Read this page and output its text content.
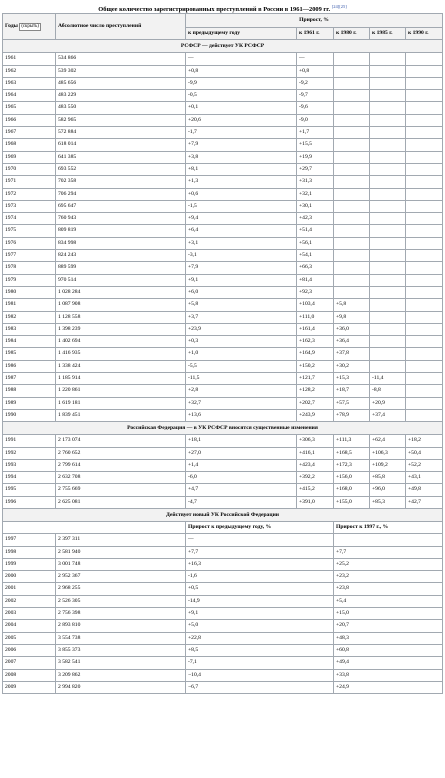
Общее количество зарегистрированных преступлений в России в 1961—2009 гг. [24][25]
Годы (скрыть)	Абсолютное число преступлений	Прирост, %				
		к предыдущему году	к 1961 г.	к 1980 г.	к 1985 г.	к 1990 г.
РСФСР — действует УК РСФСР						
1961	534 866	—	—			
1962	539 302	+0,8	+0,8			
1963	485 656	-9,9	-9,2			
1964	483 229	-0,5	-9,7			
1965	483 550	+0,1	-9,6			
1966	582 965	+20,6	-9,0			
1967	572 884	-1,7	+1,7			
1968	618 014	+7,9	+15,5			
1969	641 385	+3,8	+19,9			
1970	693 552	+8,1	+29,7			
1971	702 358	+1,3	+31,3			
1972	706 294	+0,6	+32,1			
1973	695 647	-1,5	+30,1			
1974	760 943	+9,4	+42,3			
1975	809 819	+6,4	+51,4			
1976	834 998	+3,1	+56,1			
1977	824 243	-3,1	+54,1			
1978	889 599	+7,9	+66,3			
1979	970 514	+9,1	+81,4			
1980	1 028 284	+6,0	+92,3			
1981	1 087 908	+5,8	+103,4	+5,8		
1982	1 128 558	+3,7	+111,0	+9,8		
1983	1 398 239	+23,9	+161,4	+36,0		
1984	1 402 694	+0,3	+162,3	+36,4		
1985	1 416 935	+1,0	+164,9	+37,8		
1986	1 338 424	-5,5	+150,2	+30,2		
1987	1 185 914	-11,5	+121,7	+15,3	-11,4	
1988	1 220 861	+2,8	+128,2	+18,7	-8,8	
1989	1 619 181	+32,7	+202,7	+57,5	+20,9	
1990	1 839 451	+13,6	+243,9	+78,9	+37,4	
Российская Федерация — в УК РСФСР вносятся существенные изменения						
1991	2 173 074	+18,1	+306,3	+111,3	+62,4	+18,2
1992	2 760 652	+27,0	+416,1	+168,5	+106,3	+50,4
1993	2 799 614	+1,4	+423,4	+172,3	+109,2	+52,2
1994	2 632 708	-6,0	+392,2	+156,0	+85,8	+43,1
1995	2 755 669	+4,7	+415,2	+168,0	+96,0	+49,8
1996	2 625 081	-4,7	+391,0	+155,0	+85,3	+42,7
Действует новый УК Российской Федерации						
		Прирост к предыдущему году, %		Прирост к 1997 г., %		
1997	2 397 311	—				
1998	2 581 940	+7,7		+7,7		
1999	3 001 748	+16,3		+25,2		
2000	2 952 367	-1,6		+23,2		
2001	2 968 255	+0,5		+23,8		
2002	2 526 305	-14,9		+5,4		
2003	2 756 398	+9,1		+15,0		
2004	2 893 810	+5,0		+20,7		
2005	3 554 738	+22,8		+48,3		
2006	3 855 373	+8,5		+60,8		
2007	3 582 541	-7,1		+49,4		
2008	3 209 862	−10,4		+33,8		
2009	2 994 820	−6,7		+24,9		
